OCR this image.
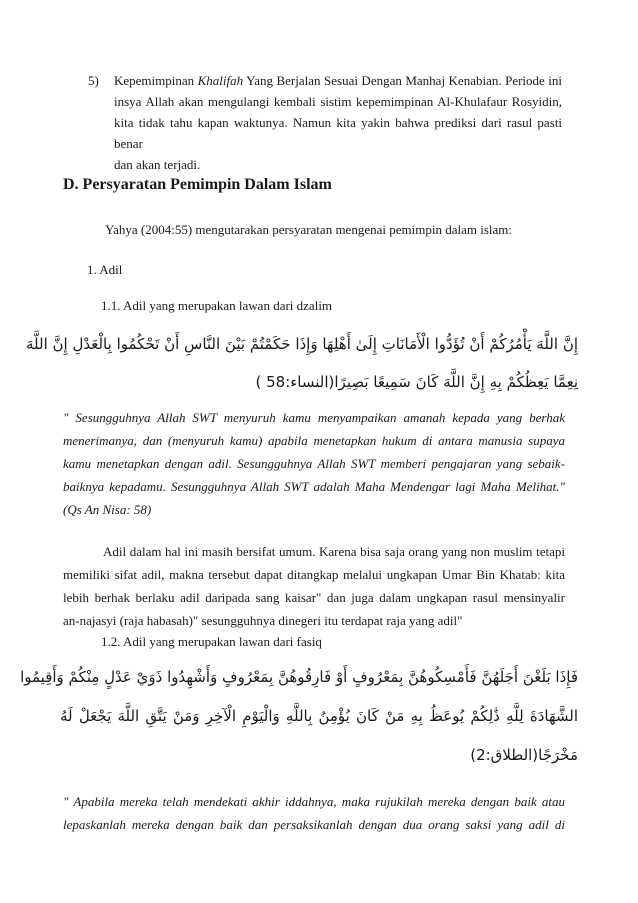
5) Kepemimpinan Khalifah Yang Berjalan Sesuai Dengan Manhaj Kenabian. Periode ini
insya Allah akan mengulangi kembali sistim kepemimpinan Al-Khulafaur Rosyidin,
kita tidak tahu kapan waktunya. Namun kita yakin bahwa prediksi dari rasul pasti benar
dan akan terjadi.
D. Persyaratan Pemimpin Dalam Islam
Yahya (2004:55) mengutarakan persyaratan mengenai pemimpin dalam islam:
1. Adil
1.1. Adil yang merupakan lawan dari dzalim
إِنَّ اللَّهَ يَأْمُرُكُمْ أَنْ تُؤَدُّوا الْأَمَانَاتِ إِلَىٰ أَهْلِهَا وَإِذَا حَكَمْتُمْ بَيْنَ النَّاسِ أَنْ تَحْكُمُوا بِالْعَدْلِ إِنَّ اللَّهَ
نِعِمَّا يَعِظُكُمْ بِهِ إِنَّ اللَّهَ كَانَ سَمِيعًا بَصِيرًا(النساء:58 )
" Sesungguhnya Allah SWT menyuruh kamu menyampaikan amanah kepada yang berhak
menerimanya, dan (menyuruh kamu) apabila menetapkan hukum di antara manusia supaya
kamu menetapkan dengan adil. Sesungguhnya Allah SWT memberi pengajaran yang sebaik-
baiknya kepadamu. Sesungguhnya Allah SWT adalah Maha Mendengar lagi Maha Melihat."
(Qs An Nisa: 58)
Adil dalam hal ini masih bersifat umum. Karena bisa saja orang yang non muslim tetapi
memiliki sifat adil, makna tersebut dapat ditangkap melalui ungkapan Umar Bin Khatab: kita
lebih berhak berlaku adil daripada sang kaisar" dan juga dalam ungkapan rasul mensinyalir
an-najasyi (raja habasah)" sesungguhnya dinegeri itu terdapat raja yang adil"
1.2. Adil yang merupakan lawan dari fasiq
فَإِذَا بَلَغْنَ أَجَلَهُنَّ فَأَمْسِكُوهُنَّ بِمَعْرُوفٍ أَوْ فَارِقُوهُنَّ بِمَعْرُوفٍ وَأَشْهِدُوا ذَوَيْ عَدْلٍ مِنْكُمْ وَأَقِيمُوا
الشَّهَادَةَ لِلَّهِ ذَٰلِكُمْ يُوعَظُ بِهِ مَنْ كَانَ يُؤْمِنُ بِاللَّهِ وَالْيَوْمِ الْآخِرِ وَمَنْ يَتَّقِ اللَّهَ يَجْعَلْ لَهُ
مَخْرَجًا(الطلاق:2)
" Apabila mereka telah mendekati akhir iddahnya, maka rujukilah mereka dengan baik atau
lepaskanlah mereka dengan baik dan persaksikanlah dengan dua orang saksi yang adil di
